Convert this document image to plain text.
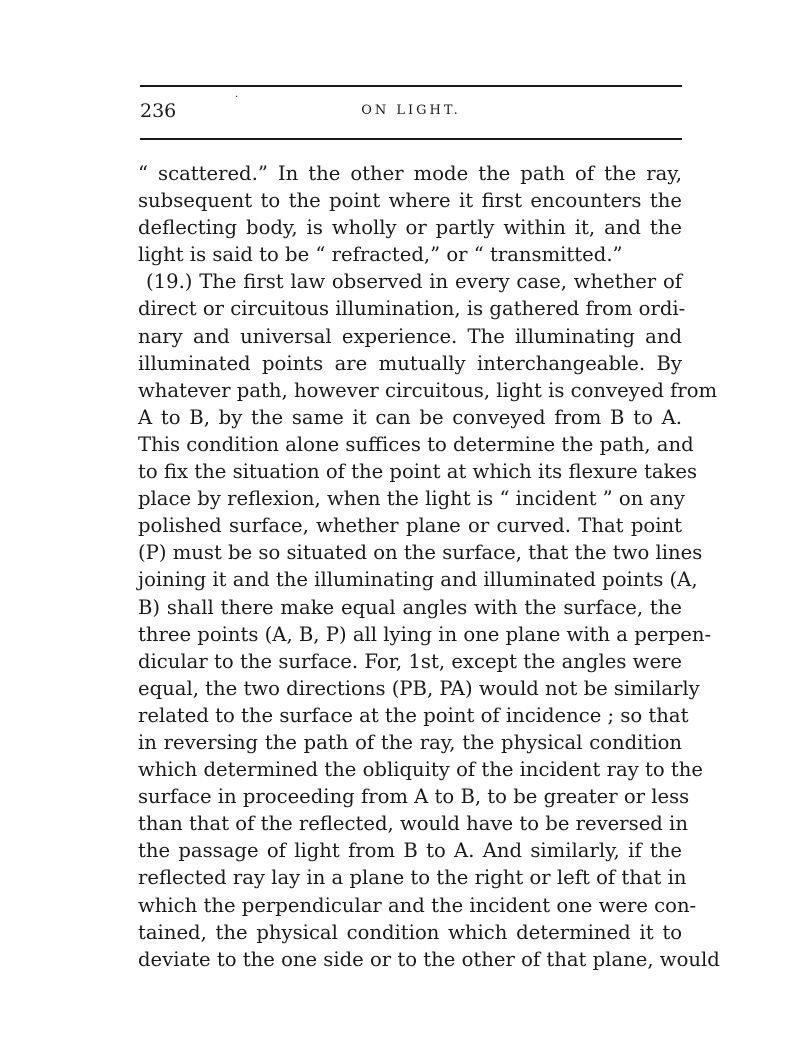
236
·
ON LIGHT.
“ scattered.” In the other mode the path of the ray,
subsequent to the point where it first encounters the
deflecting body, is wholly or partly within it, and the
light is said to be “ refracted,” or “ transmitted.”
(19.) The first law observed in every case, whether of
direct or circuitous illumination, is gathered from ordi-
nary and universal experience. The illuminating and
illuminated points are mutually interchangeable. By
whatever path, however circuitous, light is conveyed from
A to B, by the same it can be conveyed from B to A.
This condition alone suffices to determine the path, and
to fix the situation of the point at which its flexure takes
place by reflexion, when the light is “ incident ” on any
polished surface, whether plane or curved. That point
(P) must be so situated on the surface, that the two lines
joining it and the illuminating and illuminated points (A,
B) shall there make equal angles with the surface, the
three points (A, B, P) all lying in one plane with a perpen-
dicular to the surface. For, 1st, except the angles were
equal, the two directions (PB, PA) would not be similarly
related to the surface at the point of incidence ; so that
in reversing the path of the ray, the physical condition
which determined the obliquity of the incident ray to the
surface in proceeding from A to B, to be greater or less
than that of the reflected, would have to be reversed in
the passage of light from B to A. And similarly, if the
reflected ray lay in a plane to the right or left of that in
which the perpendicular and the incident one were con-
tained, the physical condition which determined it to
deviate to the one side or to the other of that plane, would
